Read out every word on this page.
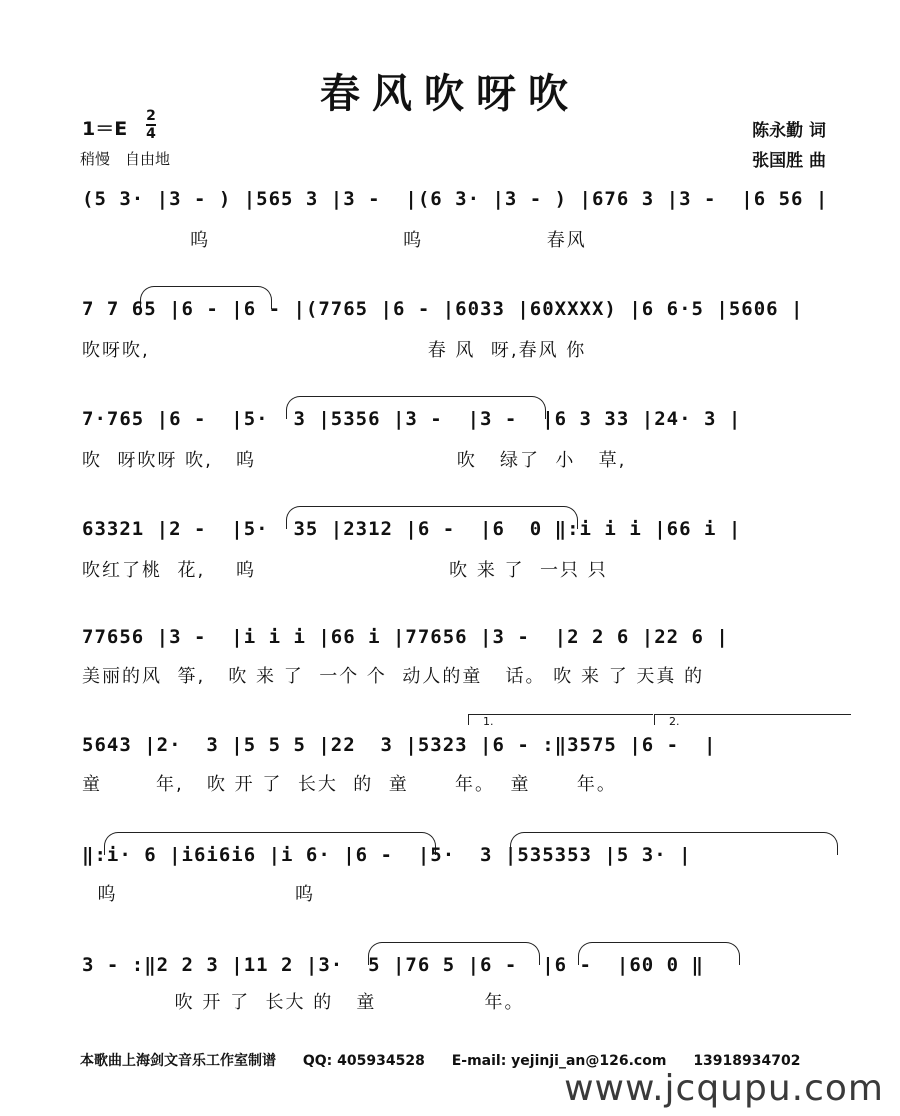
春风吹呀吹
1＝E
2
4
稍慢　自由地
陈永勤 词
张国胜 曲
(5 3· |3 - ) |565 3 |3 -  |(6 3· |3 - ) |676 3 |3 -  |6 56 |
呜                         呜                春风
7 7 65 |6 - |6 - |(7765 |6 - |6033 |60XXXX) |6 6·5 |5606 |
吹呀吹,                                    春 风  呀,春风 你
7·765 |6 -  |5·  3 |5356 |3 -  |3 -  |6 3 33 |24· 3 |
吹  呀吹呀 吹,   呜                          吹   绿了  小   草,
63321 |2 -  |5·  35 |2312 |6 -  |6  0 ‖:i i i |66 i |
吹红了桃  花,    呜                         吹 来 了  一只 只
77656 |3 -  |i i i |66 i |77656 |3 -  |2 2 6 |22 6 |
美丽的风  筝,   吹 来 了  一个 个  动人的童   话。 吹 来 了 天真 的
1.	2.
5643 |2·  3 |5 5 5 |22  3 |5323 |6 - :‖3575 |6 -  |
童       年,   吹 开 了  长大  的  童      年。  童      年。
‖:i· 6 |i6i6i6 |i 6· |6 -  |5·  3 |535353 |5 3· |
呜                       呜
3 - :‖2 2 3 |11 2 |3·  5 |76 5 |6 -  |6 -  |60 0 ‖
吹 开 了  长大 的   童              年。
本歌曲上海剑文音乐工作室制谱 QQ: 405934528 E-mail: yejinji_an@126.com 13918934702
www.jcqupu.com
